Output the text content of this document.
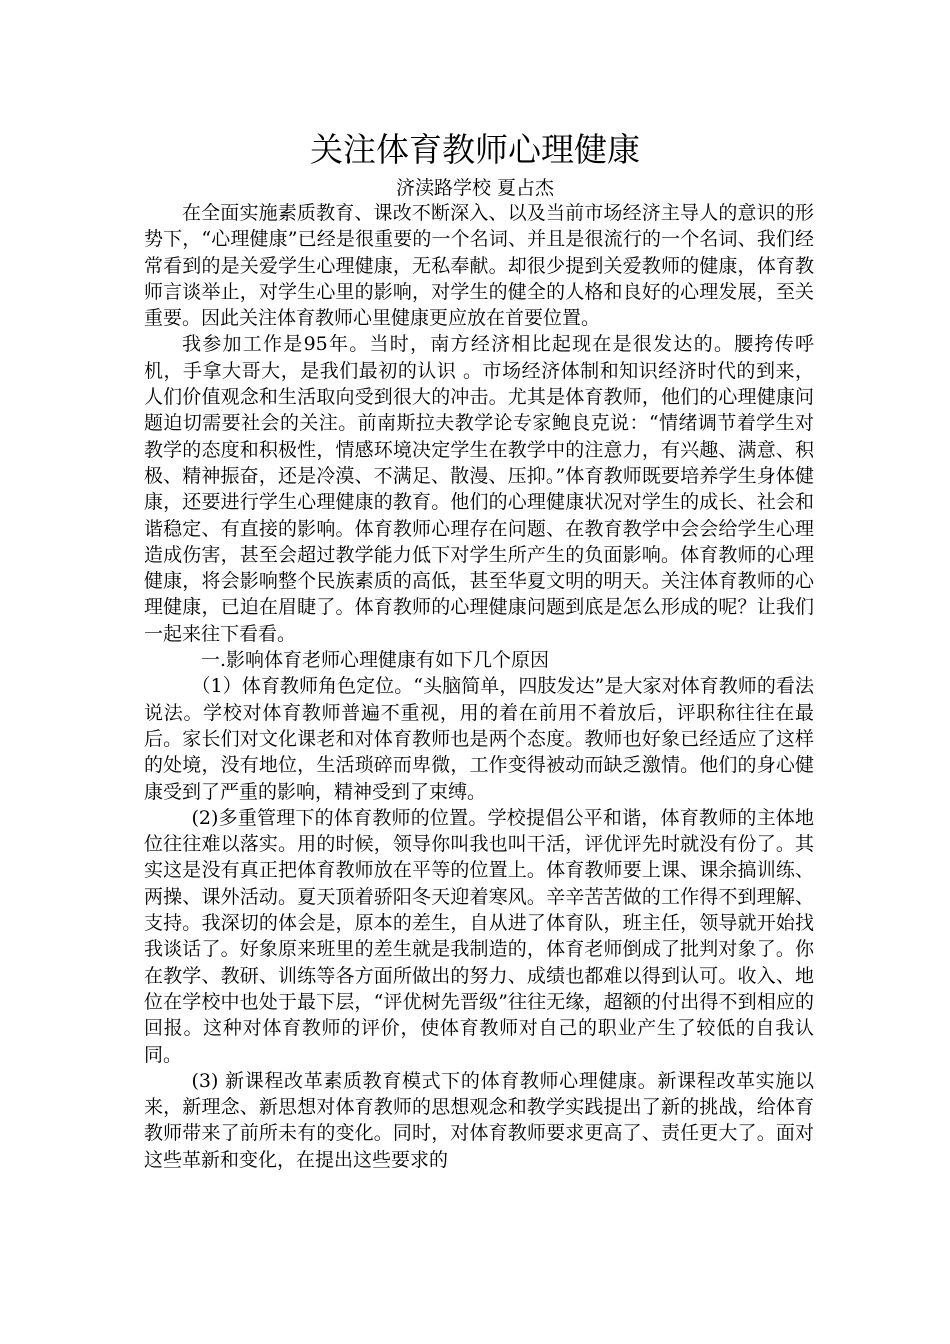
关注体育教师心理健康
济渎路学校 夏占杰

在全面实施素质教育、课改不断深入、以及当前市场经济主导人的意识的形势下，“心理健康”已经是很重要的一个名词、并且是很流行的一个名词、我们经常看到的是关爱学生心理健康，无私奉献。却很少提到关爱教师的健康，体育教师言谈举止，对学生心里的影响，对学生的健全的人格和良好的心理发展，至关重要。因此关注体育教师心里健康更应放在首要位置。

我参加工作是95年。当时，南方经济相比起现在是很发达的。腰挎传呼机，手拿大哥大，是我们最初的认识 。市场经济体制和知识经济时代的到来，人们价值观念和生活取向受到很大的冲击。尤其是体育教师，他们的心理健康问题迫切需要社会的关注。前南斯拉夫教学论专家鲍良克说：“情绪调节着学生对教学的态度和积极性，情感环境决定学生在教学中的注意力，有兴趣、满意、积极、精神振奋，还是冷漠、不满足、散漫、压抑。”体育教师既要培养学生身体健康，还要进行学生心理健康的教育。他们的心理健康状况对学生的成长、社会和谐稳定、有直接的影响。体育教师心理存在问题、在教育教学中会会给学生心理造成伤害，甚至会超过教学能力低下对学生所产生的负面影响。体育教师的心理健康，将会影响整个民族素质的高低，甚至华夏文明的明天。关注体育教师的心理健康，已迫在眉睫了。体育教师的心理健康问题到底是怎么形成的呢？让我们一起来往下看看。

一.影响体育老师心理健康有如下几个原因

（1）体育教师角色定位。“头脑简单，四肢发达”是大家对体育教师的看法说法。学校对体育教师普遍不重视，用的着在前用不着放后，评职称往往在最后。家长们对文化课老和对体育教师也是两个态度。教师也好象已经适应了这样的处境，没有地位，生活琐碎而卑微，工作变得被动而缺乏激情。他们的身心健康受到了严重的影响，精神受到了束缚。

(2)多重管理下的体育教师的位置。学校提倡公平和谐，体育教师的主体地位往往难以落实。用的时候，领导你叫我也叫干活，评优评先时就没有份了。其实这是没有真正把体育教师放在平等的位置上。体育教师要上课、课余搞训练、两操、课外活动。夏天顶着骄阳冬天迎着寒风。辛辛苦苦做的工作得不到理解、支持。我深切的体会是，原本的差生，自从进了体育队，班主任，领导就开始找我谈话了。好象原来班里的差生就是我制造的，体育老师倒成了批判对象了。你在教学、教研、训练等各方面所做出的努力、成绩也都难以得到认可。收入、地位在学校中也处于最下层，“评优树先晋级”往往无缘，超额的付出得不到相应的回报。这种对体育教师的评价，使体育教师对自己的职业产生了较低的自我认同。

(3) 新课程改革素质教育模式下的体育教师心理健康。新课程改革实施以来，新理念、新思想对体育教师的思想观念和教学实践提出了新的挑战，给体育教师带来了前所未有的变化。同时，对体育教师要求更高了、责任更大了。面对这些革新和变化，在提出这些要求的
